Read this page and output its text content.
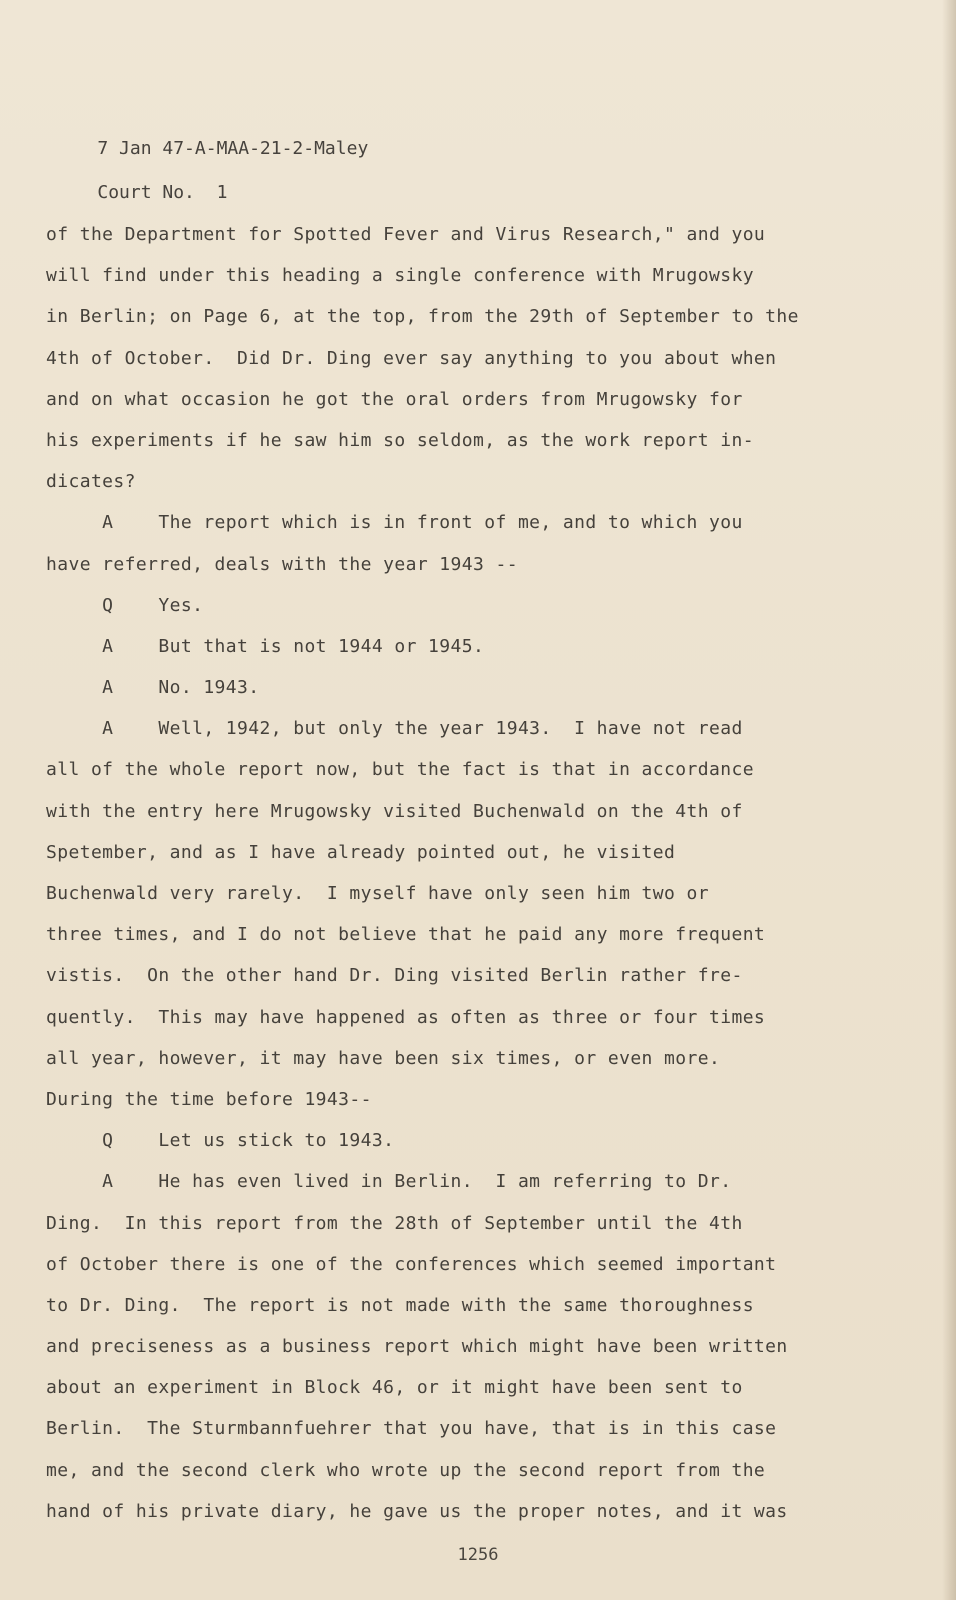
7 Jan 47-A-MAA-21-2-Maley

Court No.  1

of the Department for Spotted Fever and Virus Research," and you
will find under this heading a single conference with Mrugowsky
in Berlin; on Page 6, at the top, from the 29th of September to the
4th of October.  Did Dr. Ding ever say anything to you about when
and on what occasion he got the oral orders from Mrugowsky for
his experiments if he saw him so seldom, as the work report in-
dicates?
A    The report which is in front of me, and to which you
have referred, deals with the year 1943 --
Q    Yes.
A    But that is not 1944 or 1945.
A    No. 1943.
A    Well, 1942, but only the year 1943.  I have not read
all of the whole report now, but the fact is that in accordance
with the entry here Mrugowsky visited Buchenwald on the 4th of
Spetember, and as I have already pointed out, he visited
Buchenwald very rarely.  I myself have only seen him two or
three times, and I do not believe that he paid any more frequent
vistis.  On the other hand Dr. Ding visited Berlin rather fre-
quently.  This may have happened as often as three or four times
all year, however, it may have been six times, or even more.
During the time before 1943--
Q    Let us stick to 1943.
A    He has even lived in Berlin.  I am referring to Dr.
Ding.  In this report from the 28th of September until the 4th
of October there is one of the conferences which seemed important
to Dr. Ding.  The report is not made with the same thoroughness
and preciseness as a business report which might have been written
about an experiment in Block 46, or it might have been sent to
Berlin.  The Sturmbannfuehrer that you have, that is in this case
me, and the second clerk who wrote up the second report from the
hand of his private diary, he gave us the proper notes, and it was
1256
